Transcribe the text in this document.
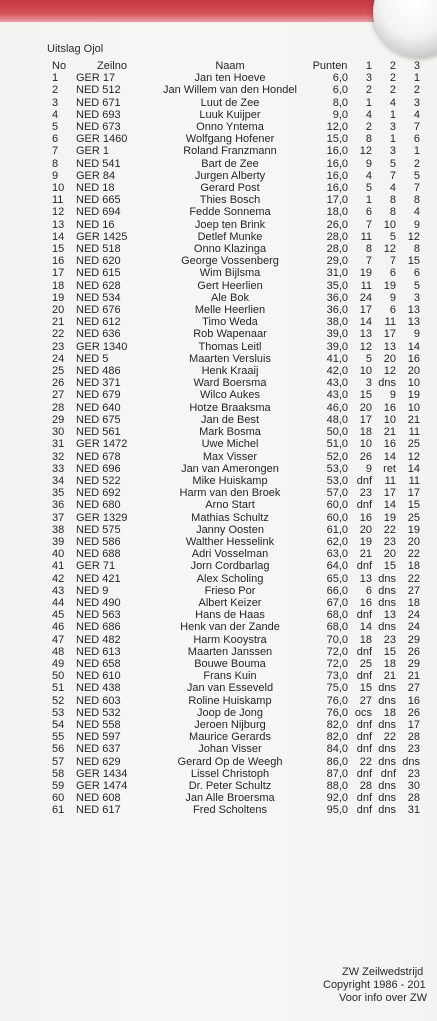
Uitslag Ojol
No	Zeilno	Naam	Punten	1	2	3
1	GER 17	Jan ten Hoeve	6,0	3	2	1
2	NED 512	Jan Willem van den Hondel	6,0	2	2	2
3	NED 671	Luut de Zee	8,0	1	4	3
4	NED 693	Luuk Kuijper	9,0	4	1	4
5	NED 673	Onno Yntema	12,0	2	3	7
6	GER 1460	Wolfgang Hofener	15,0	8	1	6
7	GER 1	Roland Franzmann	16,0	12	3	1
8	NED 541	Bart de Zee	16,0	9	5	2
9	GER 84	Jurgen Alberty	16,0	4	7	5
10	NED 18	Gerard Post	16,0	5	4	7
11	NED 665	Thies Bosch	17,0	1	8	8
12	NED 694	Fedde Sonnema	18,0	6	8	4
13	NED 16	Joep ten Brink	26,0	7	10	9
14	GER 1425	Detlef Munke	28,0	11	5	12
15	NED 518	Onno Klazinga	28,0	8	12	8
16	NED 620	George Vossenberg	29,0	7	7	15
17	NED 615	Wim Bijlsma	31,0	19	6	6
18	NED 628	Gert Heerlien	35,0	11	19	5
19	NED 534	Ale Bok	36,0	24	9	3
20	NED 676	Melle Heerlien	36,0	17	6	13
21	NED 612	Timo Weda	38,0	14	11	13
22	NED 636	Rob Wapenaar	39,0	13	17	9
23	GER 1340	Thomas Leitl	39,0	12	13	14
24	NED 5	Maarten Versluis	41,0	5	20	16
25	NED 486	Henk Kraaij	42,0	10	12	20
26	NED 371	Ward Boersma	43,0	3	dns	10
27	NED 679	Wilco Aukes	43,0	15	9	19
28	NED 640	Hotze Braaksma	46,0	20	16	10
29	NED 675	Jan de Best	48,0	17	10	21
30	NED 561	Mark Bosma	50,0	18	21	11
31	GER 1472	Uwe Michel	51,0	10	16	25
32	NED 678	Max Visser	52,0	26	14	12
33	NED 696	Jan van Amerongen	53,0	9	ret	14
34	NED 522	Mike Huiskamp	53,0	dnf	11	11
35	NED 692	Harm van den Broek	57,0	23	17	17
36	NED 680	Arno Start	60,0	dnf	14	15
37	GER 1329	Mathias Schultz	60,0	16	19	25
38	NED 575	Janny Oosten	61,0	20	22	19
39	NED 586	Walther Hesselink	62,0	19	23	20
40	NED 688	Adri Vosselman	63,0	21	20	22
41	GER 71	Jorn Cordbarlag	64,0	dnf	15	18
42	NED 421	Alex Scholing	65,0	13	dns	22
43	NED 9	Frieso Por	66,0	6	dns	27
44	NED 490	Albert Keizer	67,0	16	dns	18
45	NED 563	Hans de Haas	68,0	dnf	13	24
46	NED 686	Henk van der Zande	68,0	14	dns	24
47	NED 482	Harm Kooystra	70,0	18	23	29
48	NED 613	Maarten Janssen	72,0	dnf	15	26
49	NED 658	Bouwe Bouma	72,0	25	18	29
50	NED 610	Frans Kuin	73,0	dnf	21	21
51	NED 438	Jan van Esseveld	75,0	15	dns	27
52	NED 603	Roline Huiskamp	76,0	27	dns	16
53	NED 532	Joop de Jong	76,0	ocs	18	26
54	NED 558	Jeroen Nijburg	82,0	dnf	dns	17
55	NED 597	Maurice Gerards	82,0	dnf	22	28
56	NED 637	Johan Visser	84,0	dnf	dns	23
57	NED 629	Gerard Op de Weegh	86,0	22	dns	dns
58	GER 1434	Lissel Christoph	87,0	dnf	dnf	23
59	GER 1474	Dr. Peter Schultz	88,0	28	dns	30
60	NED 608	Jan Alle Broersma	92,0	dnf	dns	28
61	NED 617	Fred Scholtens	95,0	dnf	dns	31
ZW Zeilwedstrijd
Copyright 1986 - 201
Voor info over ZW
